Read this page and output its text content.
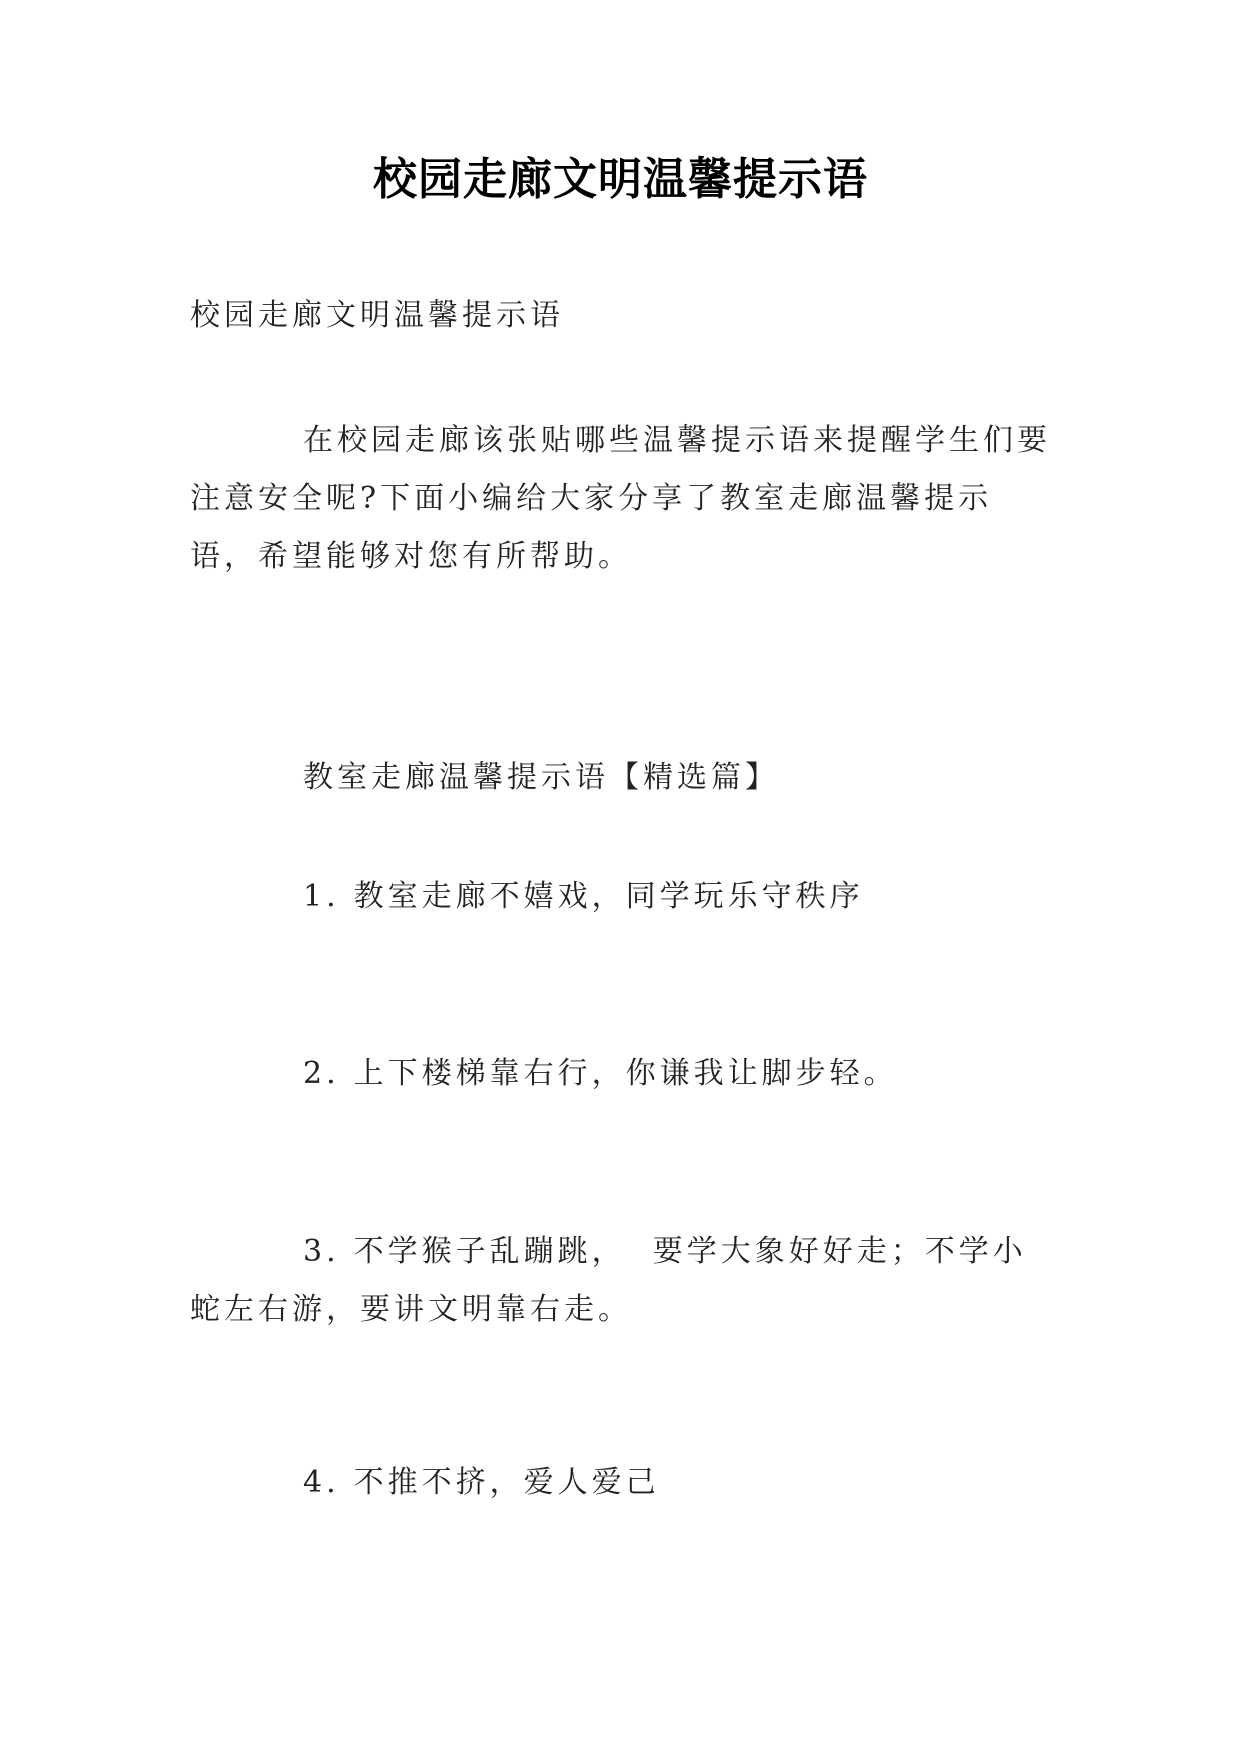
校园走廊文明温馨提示语
校园走廊文明温馨提示语

在校园走廊该张贴哪些温馨提示语来提醒学生们要注意安全呢?下面小编给大家分享了教室走廊温馨提示语，希望能够对您有所帮助。

教室走廊温馨提示语【精选篇】
1. 教室走廊不嬉戏，同学玩乐守秩序
2. 上下楼梯靠右行，你谦我让脚步轻。

3. 不学猴子乱蹦跳，  要学大象好好走；不学小蛇左右游，要讲文明靠右走。

4. 不推不挤，爱人爱己
